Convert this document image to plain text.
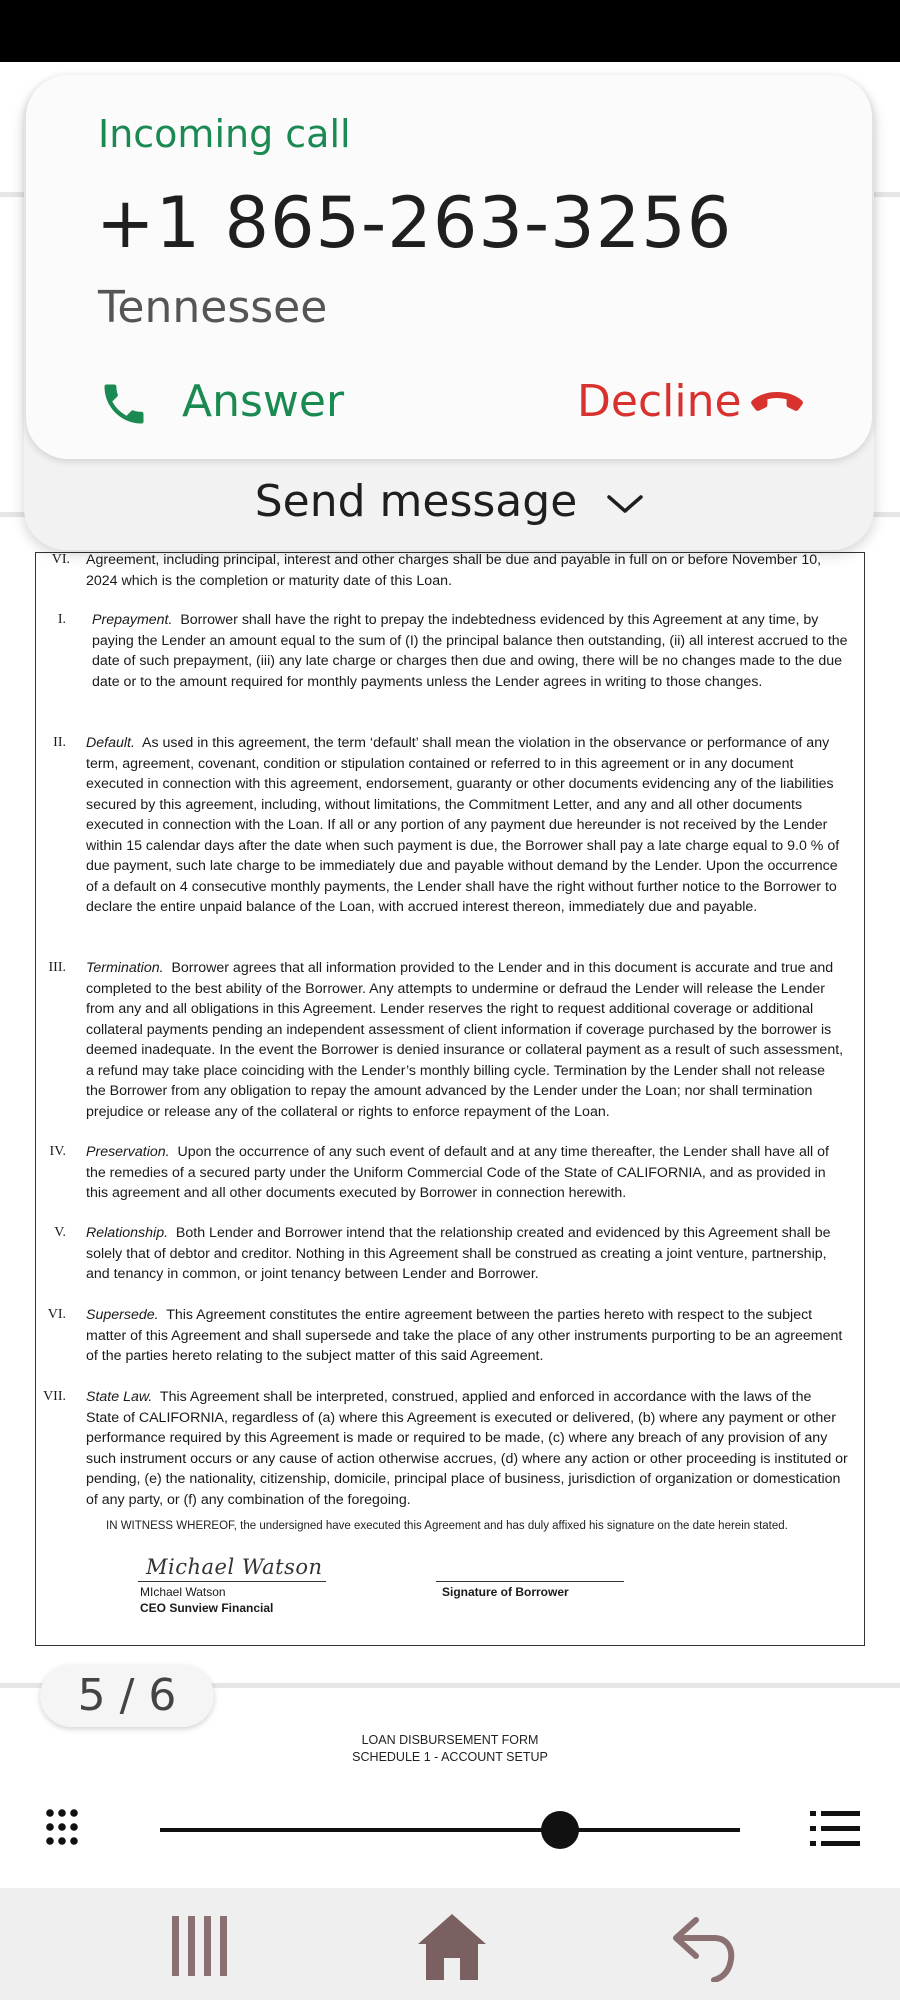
VI. Agreement, including principal, interest and other charges shall be due and payable in full on or before November 10, 2024 which is the completion or maturity date of this Loan.
I. Prepayment. Borrower shall have the right to prepay the indebtedness evidenced by this Agreement at any time, by paying the Lender an amount equal to the sum of (I) the principal balance then outstanding, (ii) all interest accrued to the date of such prepayment, (iii) any late charge or charges then due and owing, there will be no changes made to the due date or to the amount required for monthly payments unless the Lender agrees in writing to those changes.
II. Default. As used in this agreement, the term ‘default’ shall mean the violation in the observance or performance of any term, agreement, covenant, condition or stipulation contained or referred to in this agreement or in any document executed in connection with this agreement, endorsement, guaranty or other documents evidencing any of the liabilities secured by this agreement, including, without limitations, the Commitment Letter, and any and all other documents executed in connection with the Loan. If all or any portion of any payment due hereunder is not received by the Lender within 15 calendar days after the date when such payment is due, the Borrower shall pay a late charge equal to 9.0 % of due payment, such late charge to be immediately due and payable without demand by the Lender. Upon the occurrence of a default on 4 consecutive monthly payments, the Lender shall have the right without further notice to the Borrower to declare the entire unpaid balance of the Loan, with accrued interest thereon, immediately due and payable.
III. Termination. Borrower agrees that all information provided to the Lender and in this document is accurate and true and completed to the best ability of the Borrower. Any attempts to undermine or defraud the Lender will release the Lender from any and all obligations in this Agreement. Lender reserves the right to request additional coverage or additional collateral payments pending an independent assessment of client information if coverage purchased by the borrower is deemed inadequate. In the event the Borrower is denied insurance or collateral payment as a result of such assessment, a refund may take place coinciding with the Lender’s monthly billing cycle. Termination by the Lender shall not release the Borrower from any obligation to repay the amount advanced by the Lender under the Loan; nor shall termination prejudice or release any of the collateral or rights to enforce repayment of the Loan.
IV. Preservation. Upon the occurrence of any such event of default and at any time thereafter, the Lender shall have all of the remedies of a secured party under the Uniform Commercial Code of the State of CALIFORNIA, and as provided in this agreement and all other documents executed by Borrower in connection herewith.
V. Relationship. Both Lender and Borrower intend that the relationship created and evidenced by this Agreement shall be solely that of debtor and creditor. Nothing in this Agreement shall be construed as creating a joint venture, partnership, and tenancy in common, or joint tenancy between Lender and Borrower.
VI. Supersede. This Agreement constitutes the entire agreement between the parties hereto with respect to the subject matter of this Agreement and shall supersede and take the place of any other instruments purporting to be an agreement of the parties hereto relating to the subject matter of this said Agreement.
VII. State Law. This Agreement shall be interpreted, construed, applied and enforced in accordance with the laws of the State of CALIFORNIA, regardless of (a) where this Agreement is executed or delivered, (b) where any payment or other performance required by this Agreement is made or required to be made, (c) where any breach of any provision of any such instrument occurs or any cause of action otherwise accrues, (d) where any action or other proceeding is instituted or pending, (e) the nationality, citizenship, domicile, principal place of business, jurisdiction of organization or domestication of any party, or (f) any combination of the foregoing.
IN WITNESS WHEREOF, the undersigned have executed this Agreement and has duly affixed his signature on the date herein stated.
Michael Watson
MIchael Watson
CEO Sunview Financial
Signature of Borrower
LOAN DISBURSEMENT FORM
SCHEDULE 1 - ACCOUNT SETUP
5 / 6
Incoming call
+1 865-263-3256
Tennessee
Answer	Decline
Send message
